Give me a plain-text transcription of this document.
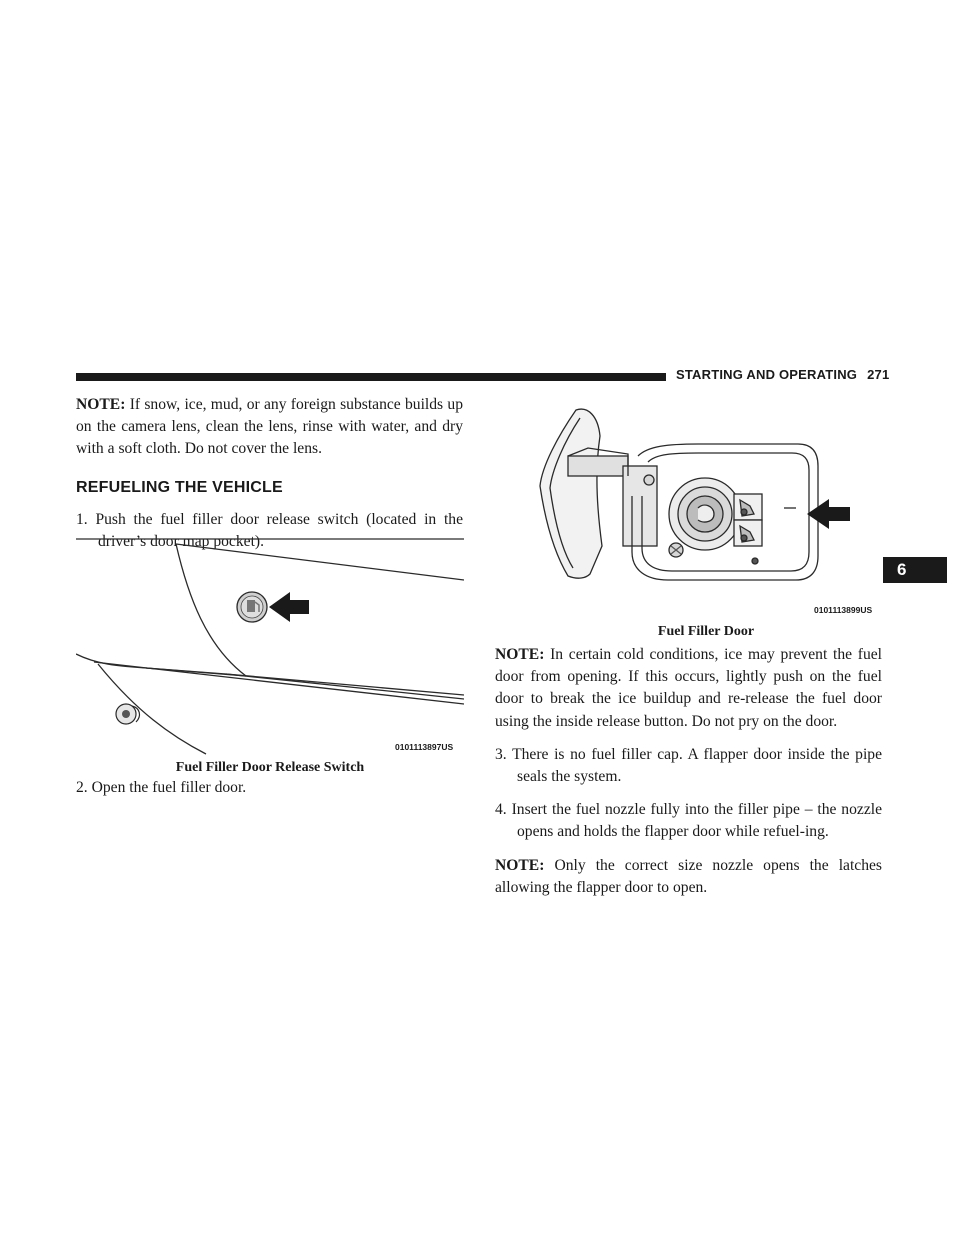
STARTING AND OPERATING 271
6

NOTE: If snow, ice, mud, or any foreign substance builds up on the camera lens, clean the lens, rinse with water, and dry with a soft cloth. Do not cover the lens.

REFUELING THE VEHICLE

1. Push the fuel filler door release switch (located in the driver’s door map pocket).

0101113897US
Fuel Filler Door Release Switch
2. Open the fuel filler door.
0101113899US
Fuel Filler Door

NOTE: In certain cold conditions, ice may prevent the fuel door from opening. If this occurs, lightly push on the fuel door to break the ice buildup and re-release the fuel door using the inside release button. Do not pry on the door.

3. There is no fuel filler cap. A flapper door inside the pipe seals the system.

4. Insert the fuel nozzle fully into the filler pipe – the nozzle opens and holds the flapper door while refuel-ing.

NOTE: Only the correct size nozzle opens the latches allowing the flapper door to open.
